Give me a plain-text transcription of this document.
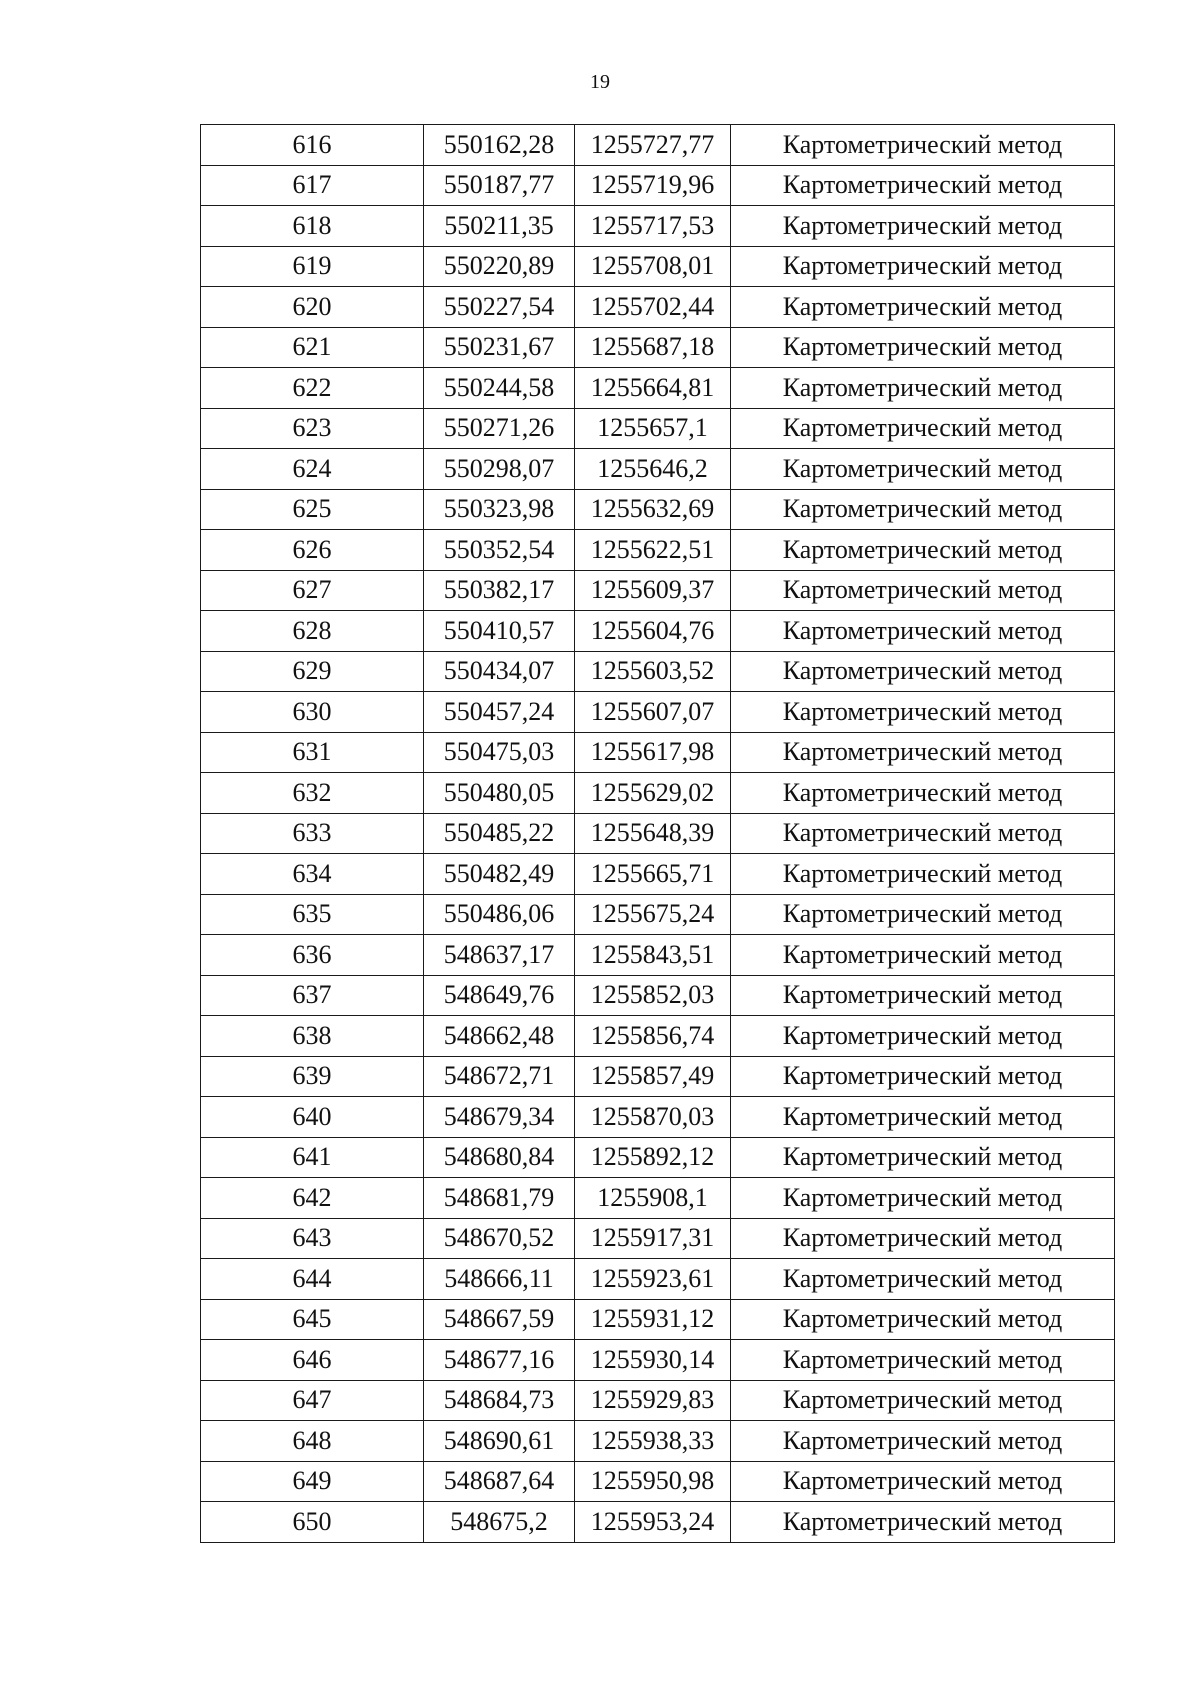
19
616	550162,28	1255727,77	Картометрический метод
617	550187,77	1255719,96	Картометрический метод
618	550211,35	1255717,53	Картометрический метод
619	550220,89	1255708,01	Картометрический метод
620	550227,54	1255702,44	Картометрический метод
621	550231,67	1255687,18	Картометрический метод
622	550244,58	1255664,81	Картометрический метод
623	550271,26	1255657,1	Картометрический метод
624	550298,07	1255646,2	Картометрический метод
625	550323,98	1255632,69	Картометрический метод
626	550352,54	1255622,51	Картометрический метод
627	550382,17	1255609,37	Картометрический метод
628	550410,57	1255604,76	Картометрический метод
629	550434,07	1255603,52	Картометрический метод
630	550457,24	1255607,07	Картометрический метод
631	550475,03	1255617,98	Картометрический метод
632	550480,05	1255629,02	Картометрический метод
633	550485,22	1255648,39	Картометрический метод
634	550482,49	1255665,71	Картометрический метод
635	550486,06	1255675,24	Картометрический метод
636	548637,17	1255843,51	Картометрический метод
637	548649,76	1255852,03	Картометрический метод
638	548662,48	1255856,74	Картометрический метод
639	548672,71	1255857,49	Картометрический метод
640	548679,34	1255870,03	Картометрический метод
641	548680,84	1255892,12	Картометрический метод
642	548681,79	1255908,1	Картометрический метод
643	548670,52	1255917,31	Картометрический метод
644	548666,11	1255923,61	Картометрический метод
645	548667,59	1255931,12	Картометрический метод
646	548677,16	1255930,14	Картометрический метод
647	548684,73	1255929,83	Картометрический метод
648	548690,61	1255938,33	Картометрический метод
649	548687,64	1255950,98	Картометрический метод
650	548675,2	1255953,24	Картометрический метод
